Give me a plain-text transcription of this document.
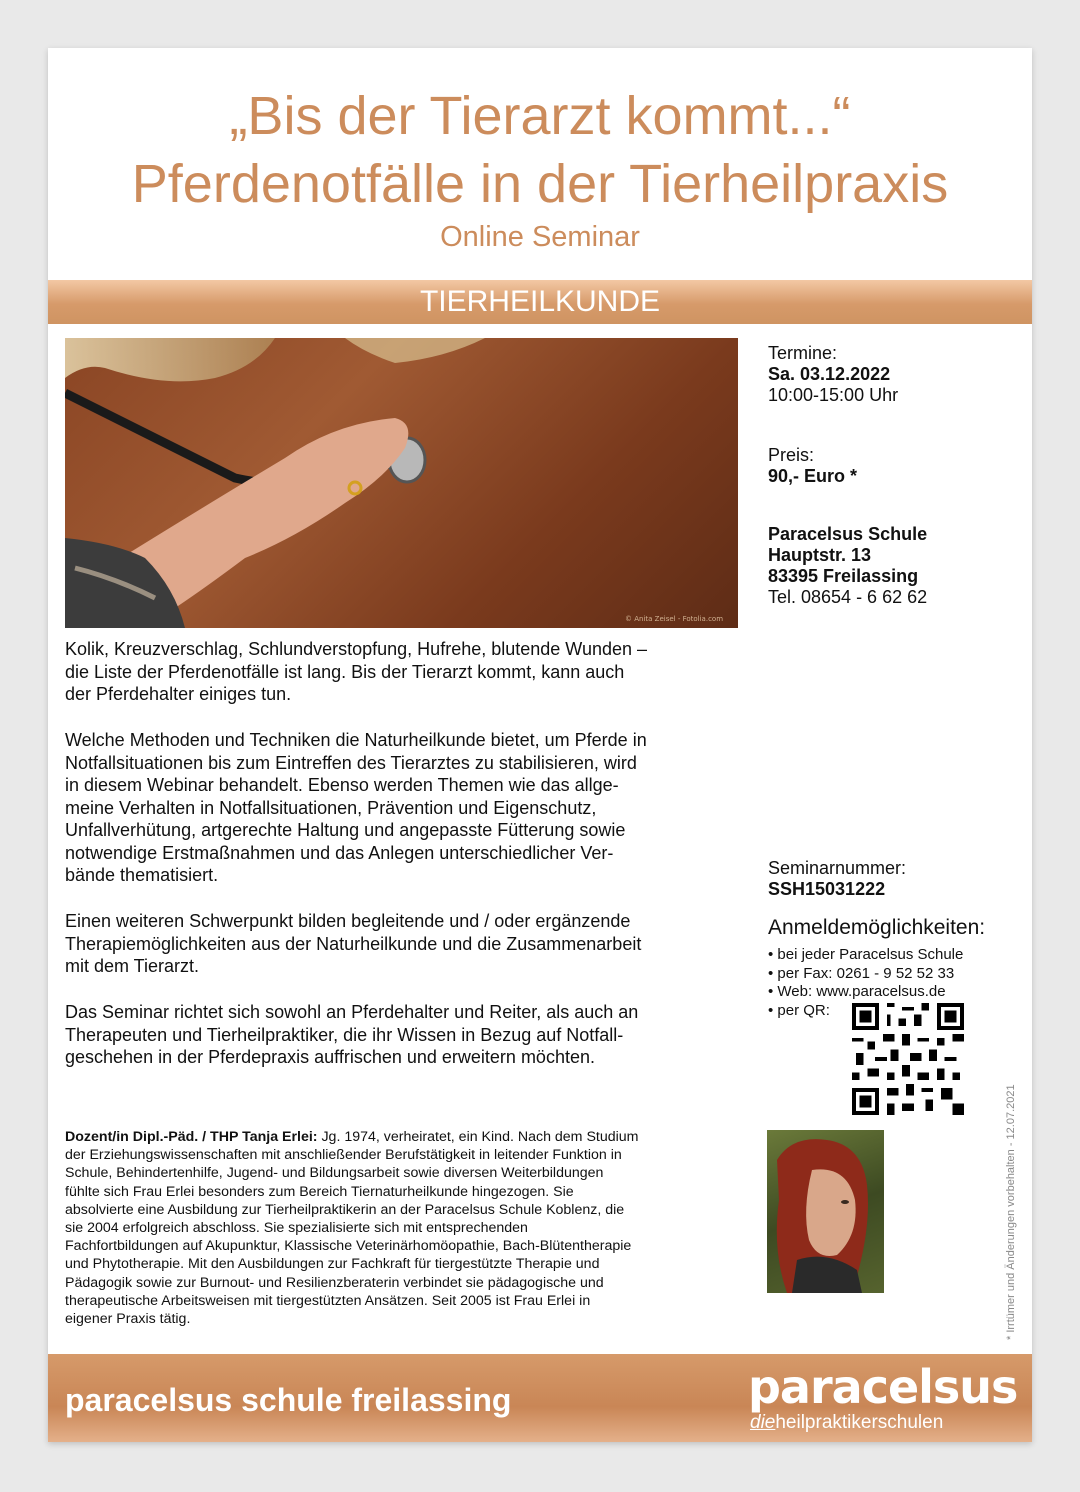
„Bis der Tierarzt kommt...“
Pferdenotfälle in der Tierheilpraxis
Online Seminar
TIERHEILKUNDE
© Anita Zeisel - Fotolia.com
Termine:
Sa. 03.12.2022
10:00-15:00 Uhr
Preis:
90,- Euro *
Paracelsus Schule
Hauptstr. 13
83395 Freilassing
Tel. 08654 - 6 62 62
Seminarnummer:
SSH15031222
Kolik, Kreuzverschlag, Schlundverstopfung, Hufrehe, blutende Wunden –
die Liste der Pferdenotfälle ist lang. Bis der Tierarzt kommt, kann auch
der Pferdehalter einiges tun.
Welche Methoden und Techniken die Naturheilkunde bietet, um Pferde in
Notfallsituationen bis zum Eintreffen des Tierarztes zu stabilisieren, wird
in diesem Webinar behandelt. Ebenso werden Themen wie das allge-
meine Verhalten in Notfallsituationen, Prävention und Eigenschutz,
Unfallverhütung, artgerechte Haltung und angepasste Fütterung sowie
notwendige Erstmaßnahmen und das Anlegen unterschiedlicher Ver-
bände thematisiert.
Einen weiteren Schwerpunkt bilden begleitende und / oder ergänzende
Therapiemöglichkeiten aus der Naturheilkunde und die Zusammenarbeit
mit dem Tierarzt.
Das Seminar richtet sich sowohl an Pferdehalter und Reiter, als auch an
Therapeuten und Tierheilpraktiker, die ihr Wissen in Bezug auf Notfall-
geschehen in der Pferdepraxis auffrischen und erweitern möchten.
Anmeldemöglichkeiten:
• bei jeder Paracelsus Schule
• per Fax: 0261 - 9 52 52 33
• Web: www.paracelsus.de
• per QR:
Dozent/in Dipl.-Päd. / THP Tanja Erlei: Jg. 1974, verheiratet, ein Kind. Nach dem Studium
der Erziehungswissenschaften mit anschließender Berufstätigkeit in leitender Funktion in
Schule, Behindertenhilfe, Jugend- und Bildungsarbeit sowie diversen Weiterbildungen
fühlte sich Frau Erlei besonders zum Bereich Tiernaturheilkunde hingezogen. Sie
absolvierte eine Ausbildung zur Tierheilpraktikerin an der Paracelsus Schule Koblenz, die
sie 2004 erfolgreich abschloss. Sie spezialisierte sich mit entsprechenden
Fachfortbildungen auf Akupunktur, Klassische Veterinärhomöopathie, Bach-Blütentherapie
und Phytotherapie. Mit den Ausbildungen zur Fachkraft für tiergestützte Therapie und
Pädagogik sowie zur Burnout- und Resilienzberaterin verbindet sie pädagogische und
therapeutische Arbeitsweisen mit tiergestützten Ansätzen. Seit 2005 ist Frau Erlei in
eigener Praxis tätig.	* Irrtümer und Änderungen vorbehalten - 12.07.2021
paracelsus schule freilassing	paracelsus
dieheilpraktikerschulen
